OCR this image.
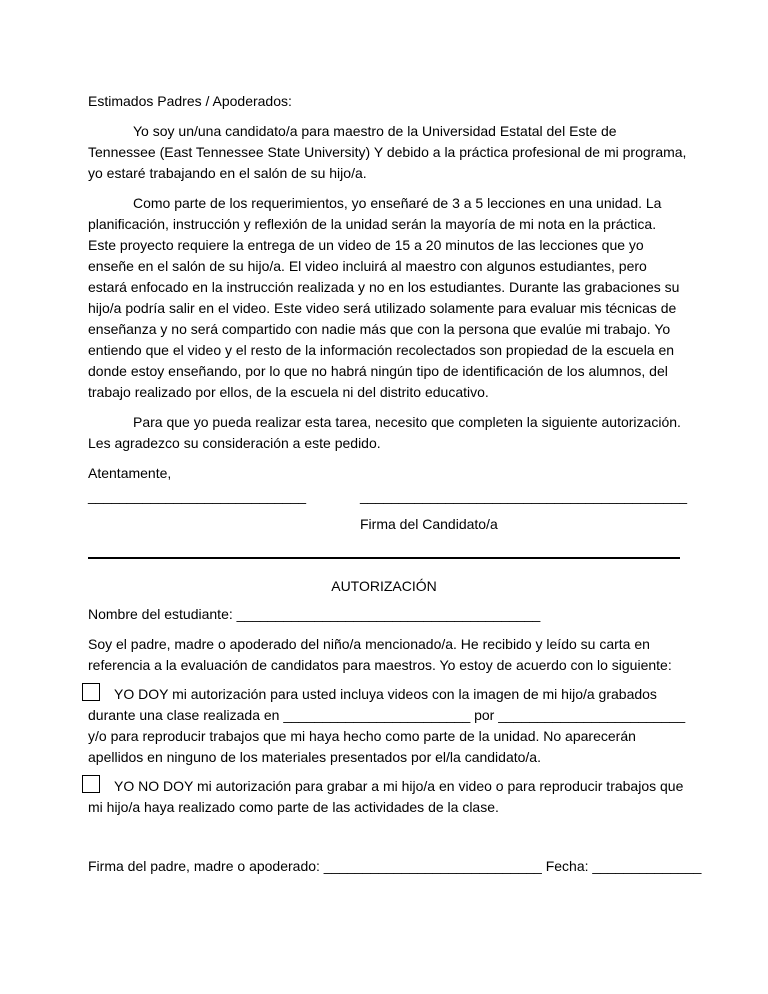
Estimados Padres / Apoderados:
Yo soy un/una candidato/a para maestro de la Universidad Estatal del Este de
Tennessee (East Tennessee State University) Y debido a la práctica profesional de mi programa,
yo estaré trabajando en el salón de su hijo/a.
Como parte de los requerimientos, yo enseñaré de 3 a 5 lecciones en una unidad. La
planificación, instrucción y reflexión de la unidad serán la mayoría de mi nota en la práctica.
Este proyecto requiere la entrega de un video de 15 a 20 minutos de las lecciones que yo
enseñe en el salón de su hijo/a. El video incluirá al maestro con algunos estudiantes, pero
estará enfocado en la instrucción realizada y no en los estudiantes. Durante las grabaciones su
hijo/a podría salir en el video. Este video será utilizado solamente para evaluar mis técnicas de
enseñanza y no será compartido con nadie más que con la persona que evalúe mi trabajo. Yo
entiendo que el video y el resto de la información recolectados son propiedad de la escuela en
donde estoy enseñando, por lo que no habrá ningún tipo de identificación de los alumnos, del
trabajo realizado por ellos, de la escuela ni del distrito educativo.
Para que yo pueda realizar esta tarea, necesito que completen la siguiente autorización.
Les agradezco su consideración a este pedido.
Atentamente,
____________________________	__________________________________________
Firma del Candidato/a
AUTORIZACIÓN
Nombre del estudiante: _______________________________________
Soy el padre, madre o apoderado del niño/a mencionado/a. He recibido y leído su carta en
referencia a la evaluación de candidatos para maestros. Yo estoy de acuerdo con lo siguiente:
YO DOY mi autorización para usted incluya videos con la imagen de mi hijo/a grabados
durante una clase realizada en ________________________ por ________________________
y/o para reproducir trabajos que mi haya hecho como parte de la unidad. No aparecerán
apellidos en ninguno de los materiales presentados por el/la candidato/a.
YO NO DOY mi autorización para grabar a mi hijo/a en video o para reproducir trabajos que
mi hijo/a haya realizado como parte de las actividades de la clase.
Firma del padre, madre o apoderado: ____________________________ Fecha: ______________
